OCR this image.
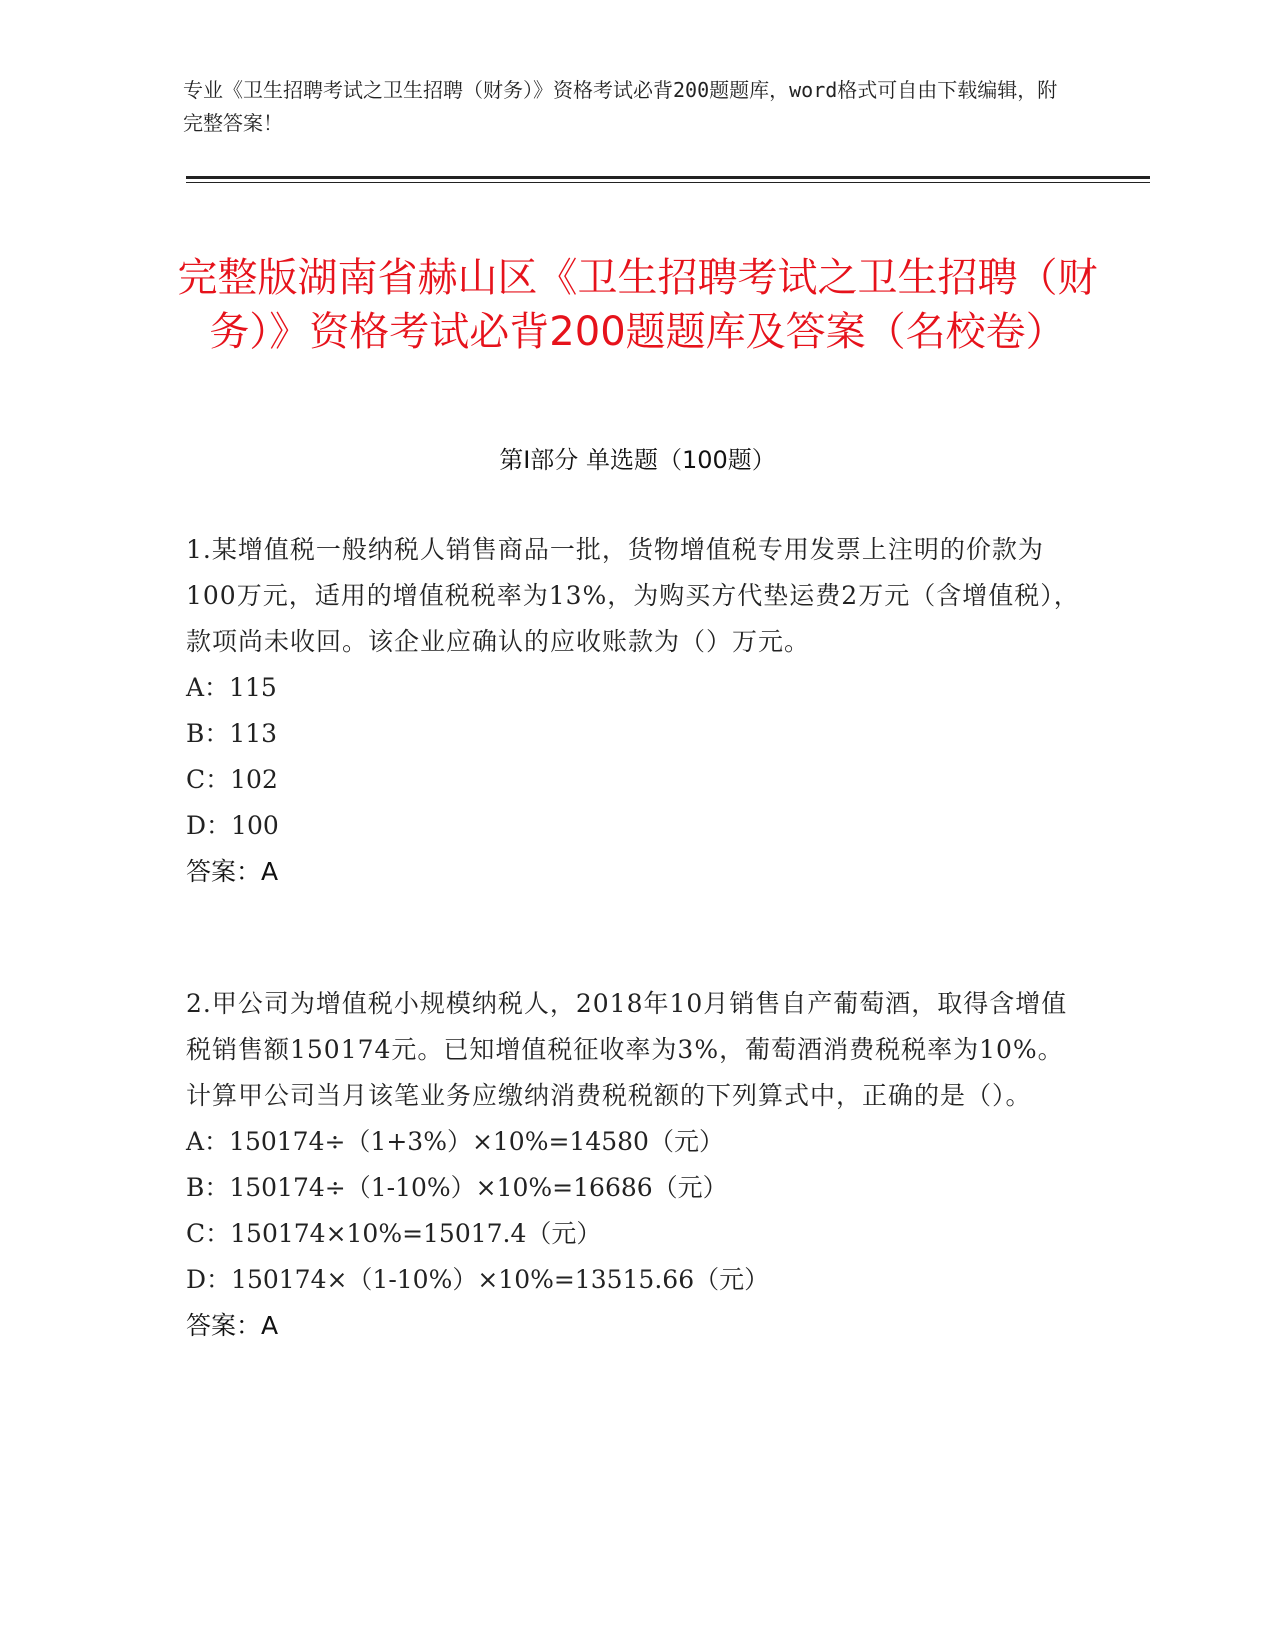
专业《卫生招聘考试之卫生招聘（财务）》资格考试必背200题题库，word格式可自由下载编辑，附完整答案！
完整版湖南省赫山区《卫生招聘考试之卫生招聘（财务）》资格考试必背200题题库及答案（名校卷）
第Ⅰ部分 单选题（100题）

1.某增值税一般纳税人销售商品一批，货物增值税专用发票上注明的价款为100万元，适用的增值税税率为13%，为购买方代垫运费2万元（含增值税），款项尚未收回。该企业应确认的应收账款为（）万元。

A：115

B：113

C：102

D：100

答案：A

2.甲公司为增值税小规模纳税人，2018年10月销售自产葡萄酒，取得含增值税销售额150174元。已知增值税征收率为3%，葡萄酒消费税税率为10%。计算甲公司当月该笔业务应缴纳消费税税额的下列算式中，正确的是（）。

A：150174÷（1+3%）×10%=14580（元）

B：150174÷（1-10%）×10%=16686（元）

C：150174×10%=15017.4（元）

D：150174×（1-10%）×10%=13515.66（元）

答案：A
